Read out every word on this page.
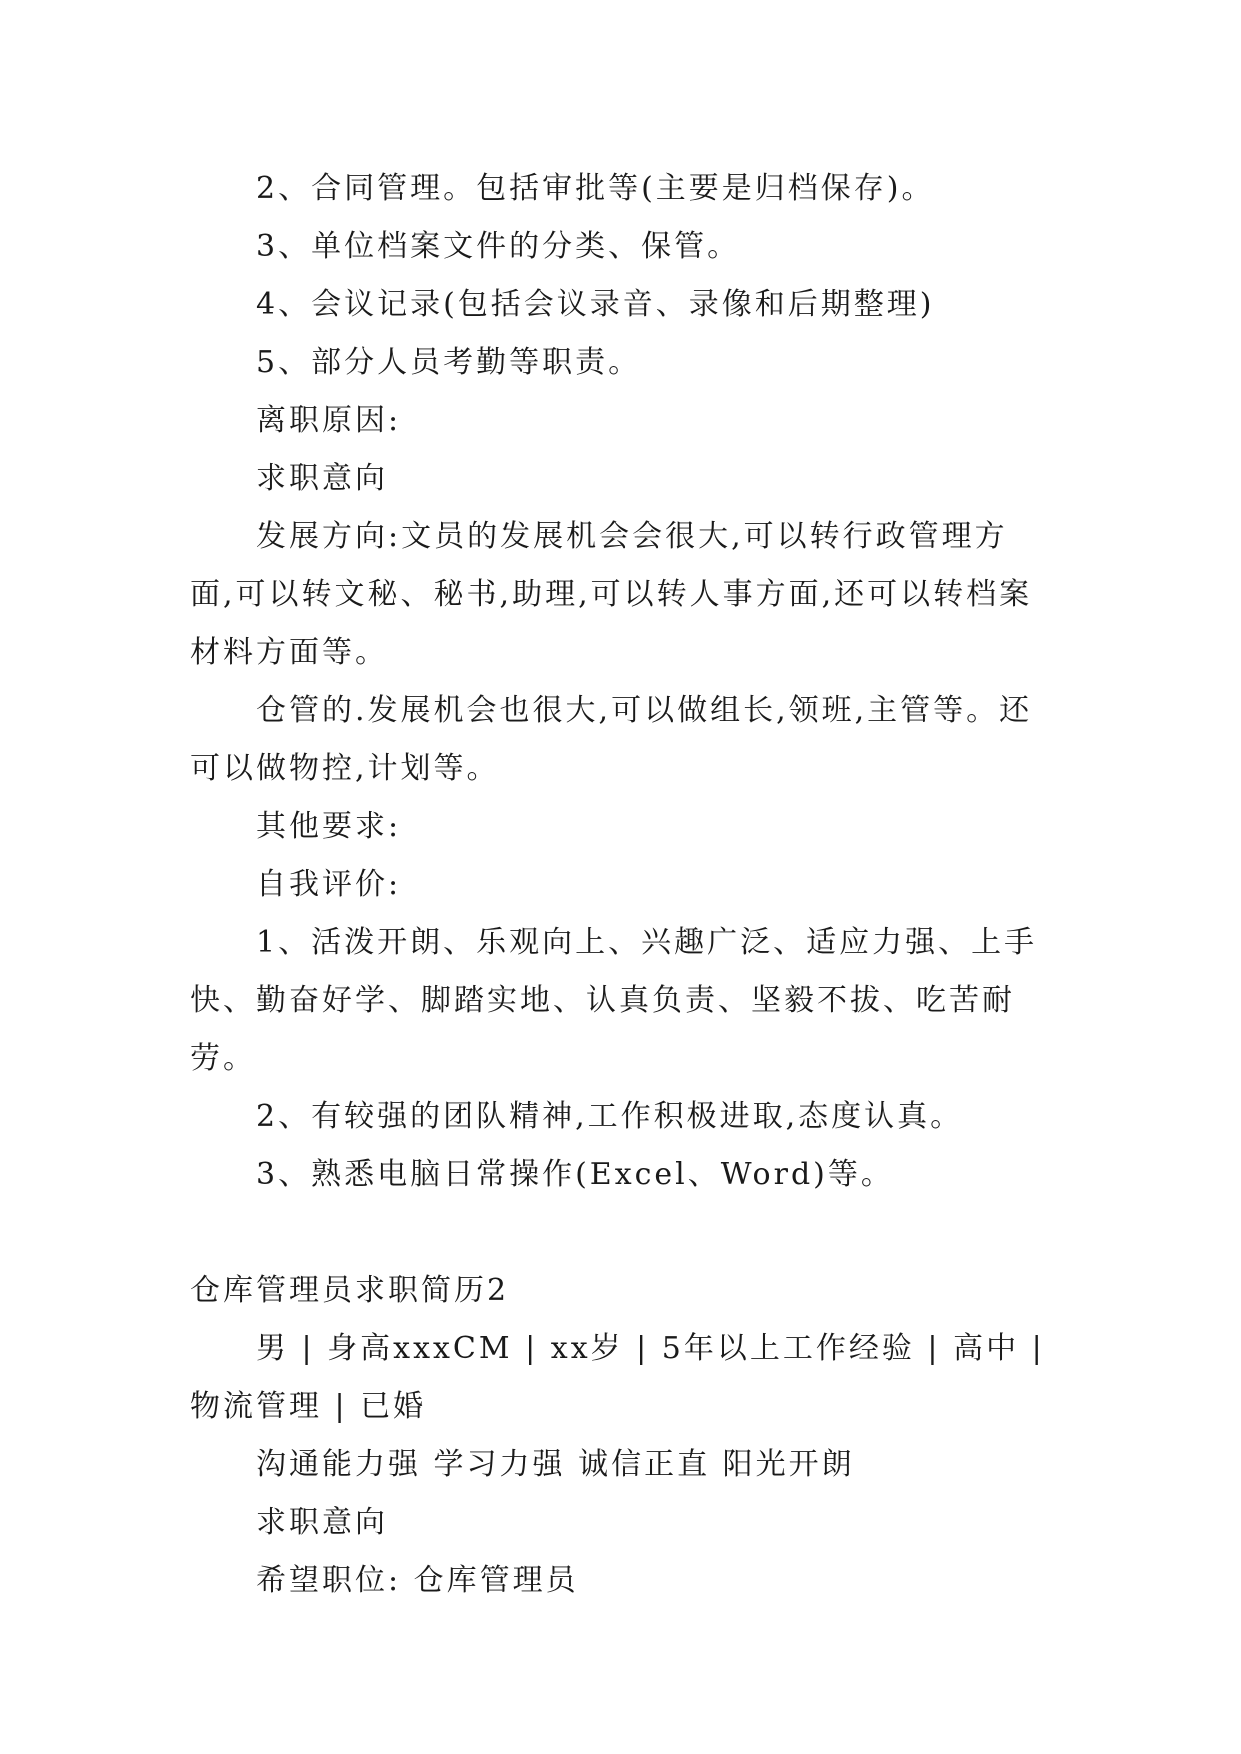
2、合同管理。包括审批等(主要是归档保存)。

3、单位档案文件的分类、保管。

4、会议记录(包括会议录音、录像和后期整理)

5、部分人员考勤等职责。

离职原因:

求职意向

发展方向:文员的发展机会会很大,可以转行政管理方面,可以转文秘、秘书,助理,可以转人事方面,还可以转档案材料方面等。

仓管的.发展机会也很大,可以做组长,领班,主管等。还可以做物控,计划等。

其他要求:

自我评价:

1、活泼开朗、乐观向上、兴趣广泛、适应力强、上手快、勤奋好学、脚踏实地、认真负责、坚毅不拔、吃苦耐劳。

2、有较强的团队精神,工作积极进取,态度认真。

3、熟悉电脑日常操作(Excel、Word)等。

仓库管理员求职简历2

男 | 身高xxxCM | xx岁 | 5年以上工作经验 | 高中 | 物流管理 | 已婚

沟通能力强 学习力强 诚信正直 阳光开朗

求职意向

希望职位: 仓库管理员
